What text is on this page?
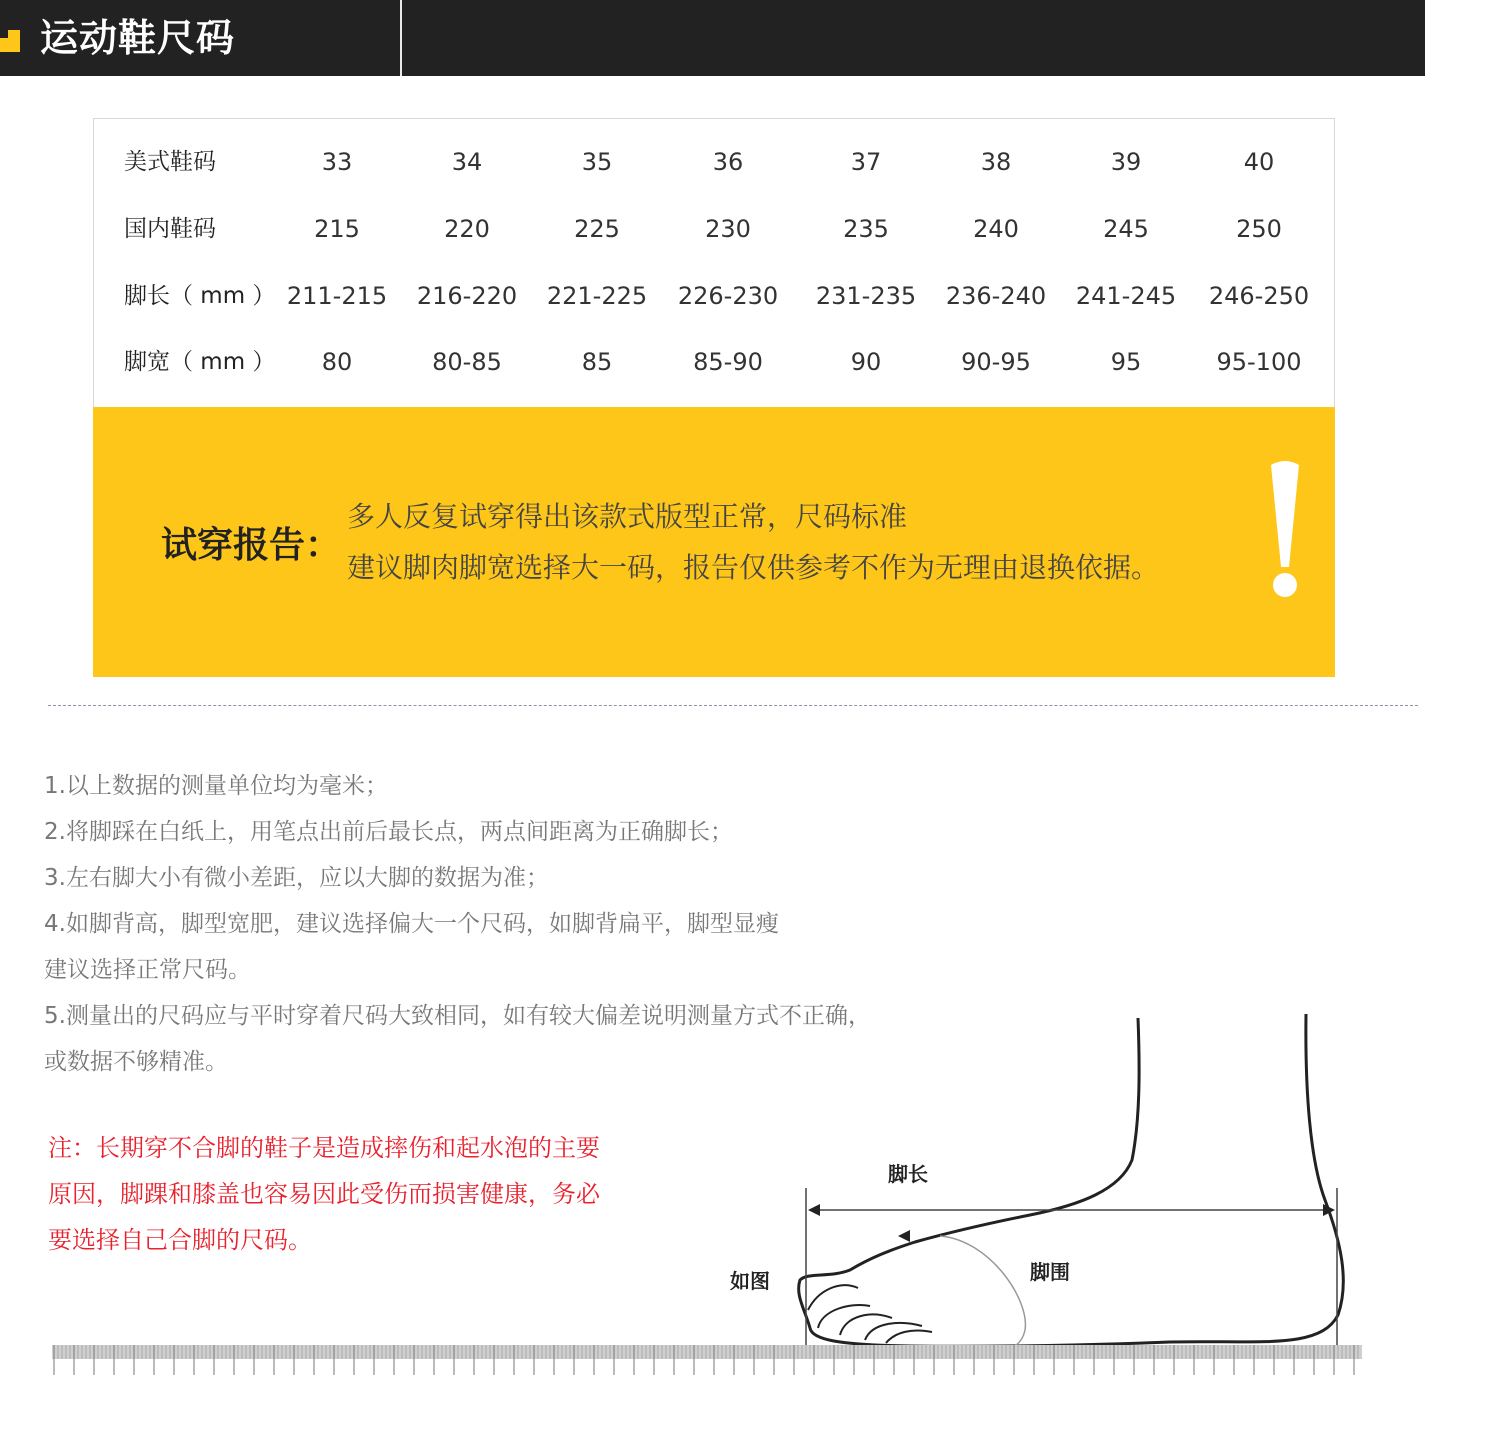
运动鞋尺码
美式鞋码	33	34	35	36	37	38	39	40
国内鞋码	215	220	225	230	235	240	245	250
脚长（ mm ） 211-215	216-220	221-225	226-230	231-235	236-240	241-245	246-250
脚宽（ mm ）	80	80-85	85	85-90	90	90-95	95	95-100
试穿报告：
多人反复试穿得出该款式版型正常，尺码标准
建议脚肉脚宽选择大一码，报告仅供参考不作为无理由退换依据。
1.以上数据的测量单位均为毫米；
2.将脚踩在白纸上，用笔点出前后最长点，两点间距离为正确脚长；
3.左右脚大小有微小差距，应以大脚的数据为准；
4.如脚背高，脚型宽肥，建议选择偏大一个尺码，如脚背扁平，脚型显瘦
建议选择正常尺码。
5.测量出的尺码应与平时穿着尺码大致相同，如有较大偏差说明测量方式不正确，
或数据不够精准。
注：长期穿不合脚的鞋子是造成摔伤和起水泡的主要
原因，脚踝和膝盖也容易因此受伤而损害健康，务必
要选择自己合脚的尺码。
脚长
脚围
如图
